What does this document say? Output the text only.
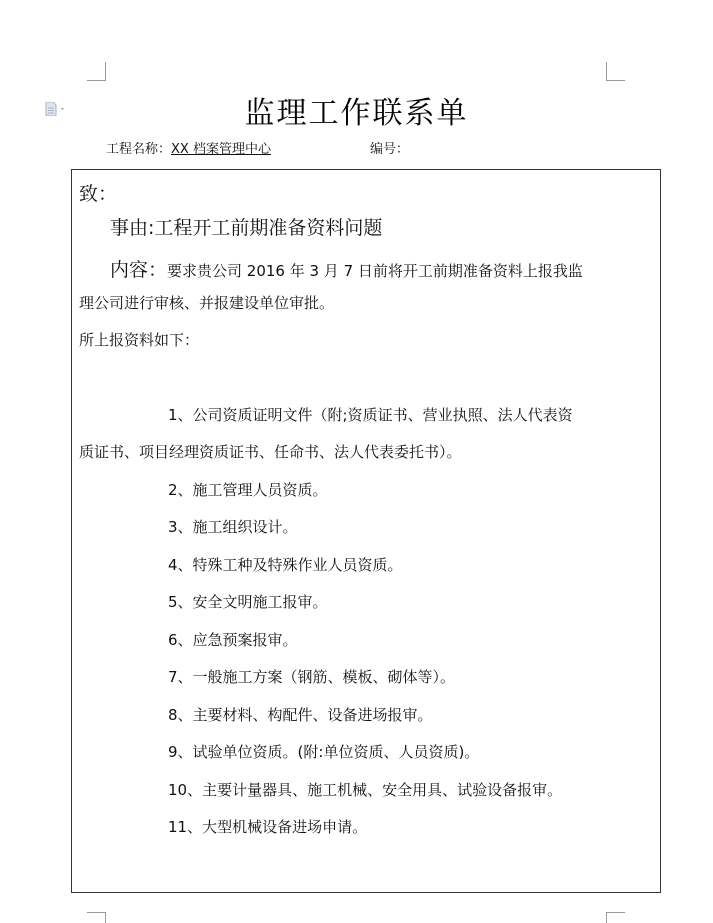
监理工作联系单
工程名称：XX 档案管理中心	编号：
致：
事由:工程开工前期准备资料问题
内容：要求贵公司 2016 年 3 月 7 日前将开工前期准备资料上报我监
理公司进行审核、并报建设单位审批。
所上报资料如下：
1、公司资质证明文件（附;资质证书、营业执照、法人代表资
质证书、项目经理资质证书、任命书、法人代表委托书）。
2、施工管理人员资质。
3、施工组织设计。
4、特殊工种及特殊作业人员资质。
5、安全文明施工报审。
6、应急预案报审。
7、一般施工方案（钢筋、模板、砌体等）。
8、主要材料、构配件、设备进场报审。
9、试验单位资质。(附:单位资质、人员资质)。
10、主要计量器具、施工机械、安全用具、试验设备报审。
11、大型机械设备进场申请。
